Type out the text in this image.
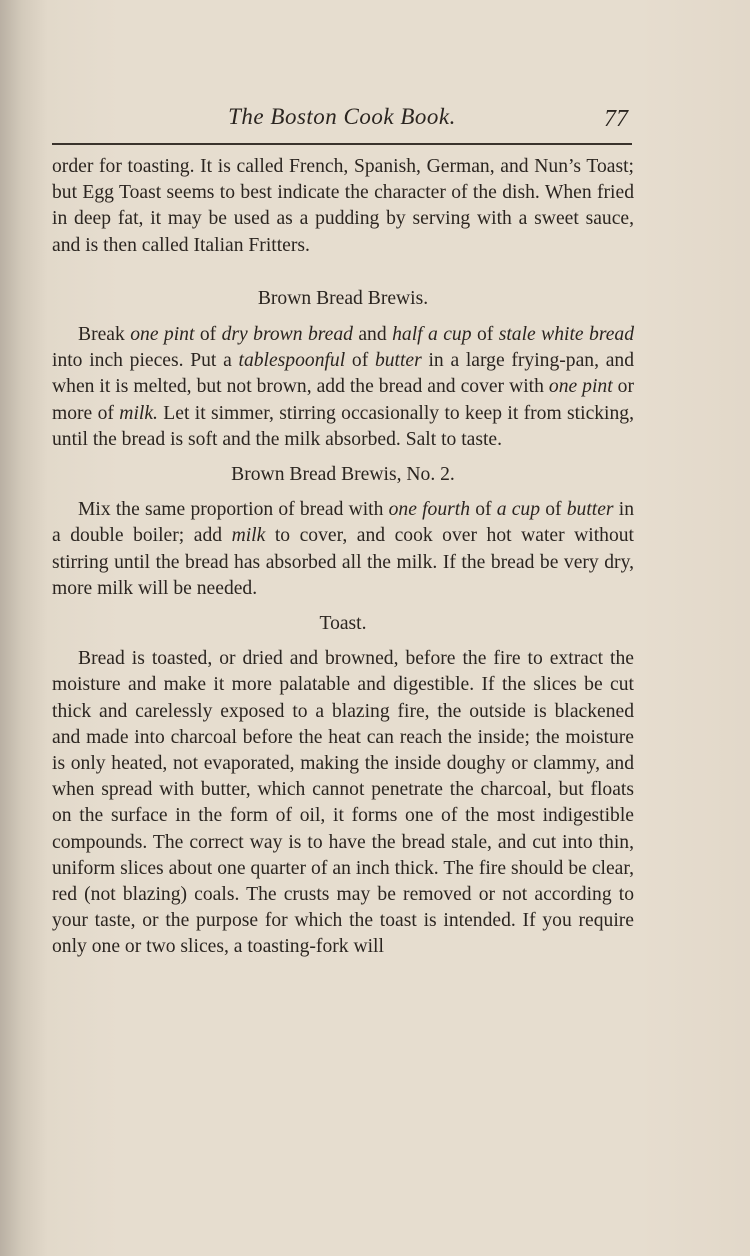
The Boston Cook Book.	77

order for toasting. It is called French, Spanish, German, and Nun’s Toast; but Egg Toast seems to best indicate the character of the dish. When fried in deep fat, it may be used as a pudding by serving with a sweet sauce, and is then called Italian Fritters.

Brown Bread Brewis.

Break one pint of dry brown bread and half a cup of stale white bread into inch pieces. Put a tablespoonful of butter in a large frying-pan, and when it is melted, but not brown, add the bread and cover with one pint or more of milk. Let it simmer, stirring occasionally to keep it from sticking, until the bread is soft and the milk absorbed. Salt to taste.

Brown Bread Brewis, No. 2.

Mix the same proportion of bread with one fourth of a cup of butter in a double boiler; add milk to cover, and cook over hot water without stirring until the bread has absorbed all the milk. If the bread be very dry, more milk will be needed.

Toast.

Bread is toasted, or dried and browned, before the fire to extract the moisture and make it more palatable and digestible. If the slices be cut thick and carelessly exposed to a blazing fire, the outside is blackened and made into charcoal before the heat can reach the inside; the moisture is only heated, not evaporated, making the inside doughy or clammy, and when spread with butter, which cannot penetrate the charcoal, but floats on the surface in the form of oil, it forms one of the most indigestible compounds. The correct way is to have the bread stale, and cut into thin, uniform slices about one quarter of an inch thick. The fire should be clear, red (not blazing) coals. The crusts may be removed or not according to your taste, or the purpose for which the toast is intended. If you require only one or two slices, a toasting-fork will
